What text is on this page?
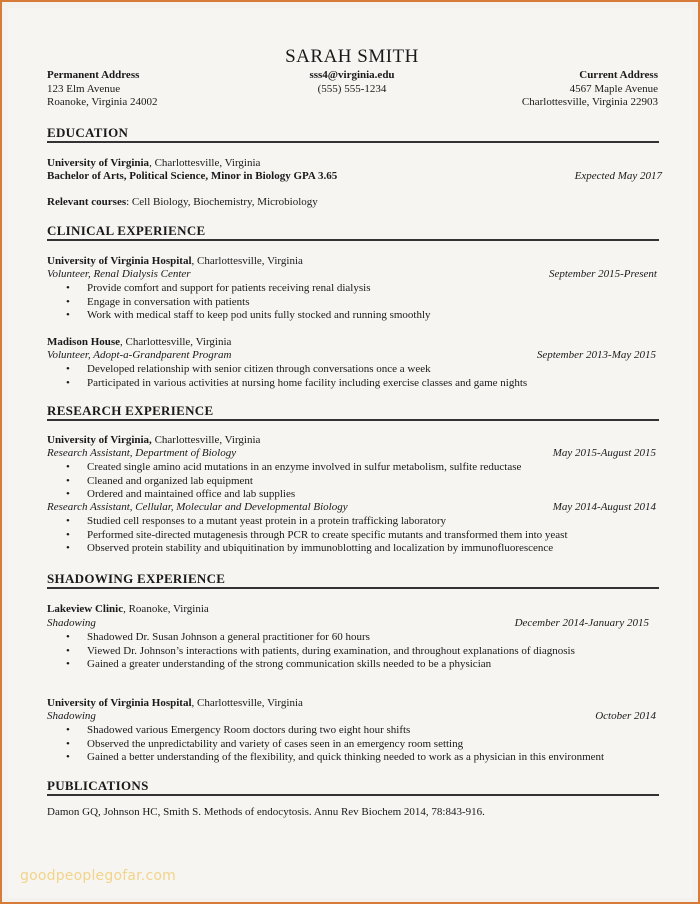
SARAH SMITH
Permanent Address
123 Elm Avenue
Roanoke, Virginia 24002
sss4@virginia.edu
(555) 555-1234
Current Address
4567 Maple Avenue
Charlottesville, Virginia 22903
EDUCATION
University of Virginia, Charlottesville, Virginia
Bachelor of Arts, Political Science, Minor in Biology GPA 3.65	Expected May 2017
Relevant courses: Cell Biology, Biochemistry, Microbiology
CLINICAL EXPERIENCE
University of Virginia Hospital, Charlottesville, Virginia
Volunteer, Renal Dialysis Center	September 2015-Present
• Provide comfort and support for patients receiving renal dialysis
• Engage in conversation with patients
• Work with medical staff to keep pod units fully stocked and running smoothly
Madison House, Charlottesville, Virginia
Volunteer, Adopt-a-Grandparent Program	September 2013-May 2015
• Developed relationship with senior citizen through conversations once a week
• Participated in various activities at nursing home facility including exercise classes and game nights
RESEARCH EXPERIENCE
University of Virginia, Charlottesville, Virginia
Research Assistant, Department of Biology	May 2015-August 2015
• Created single amino acid mutations in an enzyme involved in sulfur metabolism, sulfite reductase
• Cleaned and organized lab equipment
• Ordered and maintained office and lab supplies
Research Assistant, Cellular, Molecular and Developmental Biology	May 2014-August 2014
• Studied cell responses to a mutant yeast protein in a protein trafficking laboratory
• Performed site-directed mutagenesis through PCR to create specific mutants and transformed them into yeast
• Observed protein stability and ubiquitination by immunoblotting and localization by immunofluorescence
SHADOWING EXPERIENCE
Lakeview Clinic, Roanoke, Virginia
Shadowing	December 2014-January 2015
• Shadowed Dr. Susan Johnson a general practitioner for 60 hours
• Viewed Dr. Johnson’s interactions with patients, during examination, and throughout explanations of diagnosis
• Gained a greater understanding of the strong communication skills needed to be a physician
University of Virginia Hospital, Charlottesville, Virginia
Shadowing	October 2014
• Shadowed various Emergency Room doctors during two eight hour shifts
• Observed the unpredictability and variety of cases seen in an emergency room setting
• Gained a better understanding of the flexibility, and quick thinking needed to work as a physician in this environment
PUBLICATIONS
Damon GQ, Johnson HC, Smith S. Methods of endocytosis. Annu Rev Biochem 2014, 78:843-916.
goodpeoplegofar.com
